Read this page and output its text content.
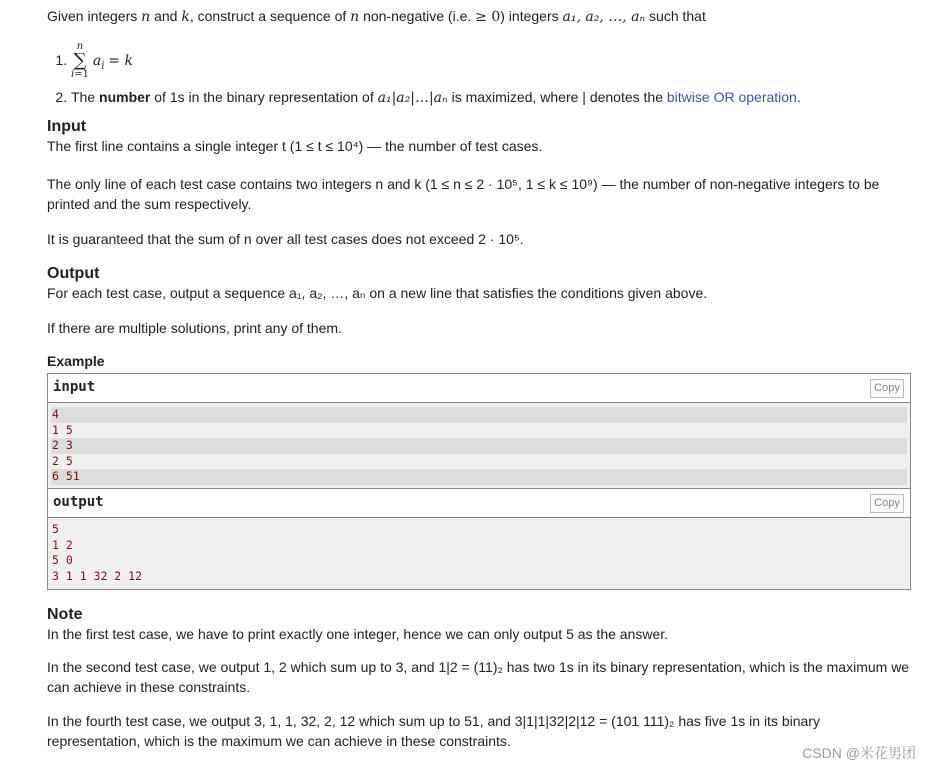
Given integers n and k, construct a sequence of n non-negative (i.e. ≥ 0) integers a₁, a₂, …, aₙ such that

1. n
∑
i=1 $a_i = k$
2. The number of 1s in the binary representation of a₁|a₂|…|aₙ is maximized, where | denotes the bitwise OR operation.
Input

The first line contains a single integer t (1 ≤ t ≤ 10⁴) — the number of test cases.

The only line of each test case contains two integers n and k (1 ≤ n ≤ 2 · 10⁵, 1 ≤ k ≤ 10⁹) — the number of non-negative integers to be printed and the sum respectively.

It is guaranteed that the sum of n over all test cases does not exceed 2 · 10⁵.

Output

For each test case, output a sequence a₁, a₂, …, aₙ on a new line that satisfies the conditions given above.

If there are multiple solutions, print any of them.

Example
input	Copy
4
1 5
2 3
2 5
6 51
output	Copy
5
1 2
5 0
3 1 1 32 2 12
Note

In the first test case, we have to print exactly one integer, hence we can only output 5 as the answer.

In the second test case, we output 1, 2 which sum up to 3, and 1|2 = (11)₂ has two 1s in its binary representation, which is the maximum we can achieve in these constraints.

In the fourth test case, we output 3, 1, 1, 32, 2, 12 which sum up to 51, and 3|1|1|32|2|12 = (101 111)₂ has five 1s in its binary representation, which is the maximum we can achieve in these constraints.

CSDN @米花男团
